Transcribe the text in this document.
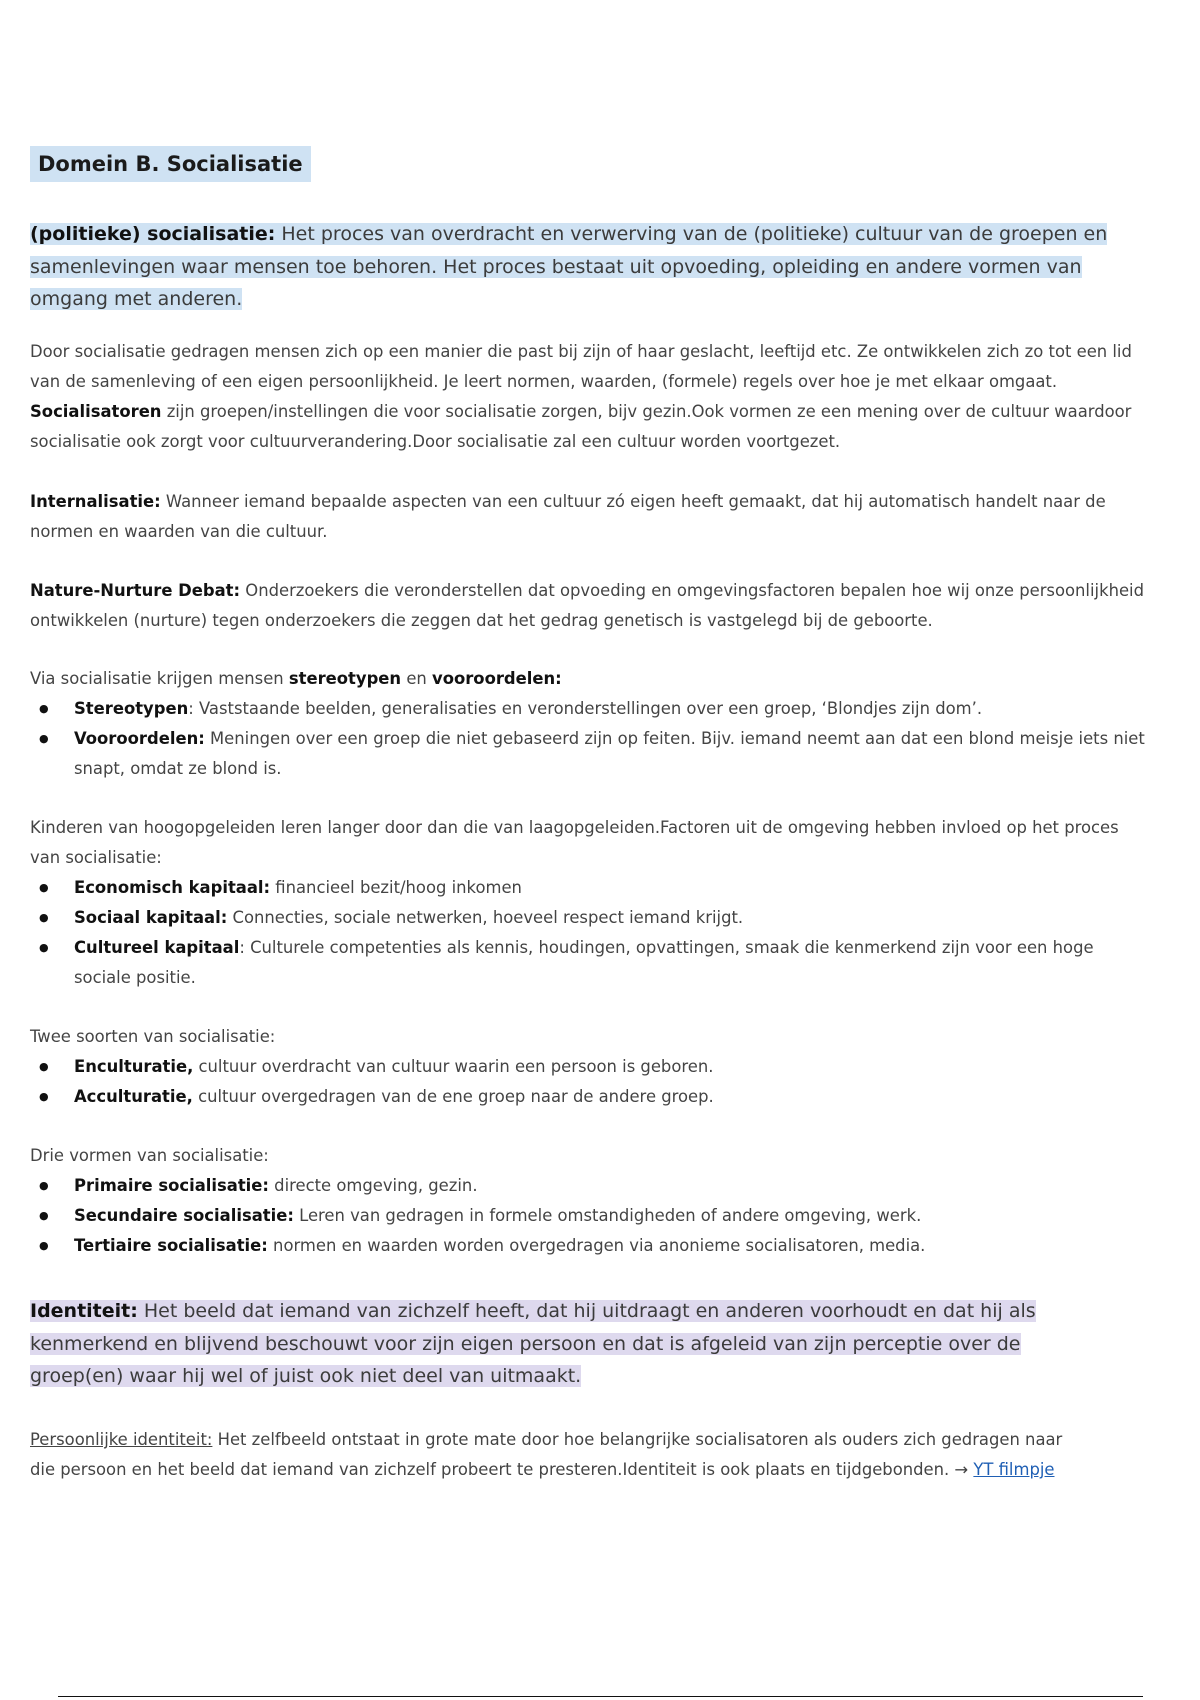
Domein B. Socialisatie
(politieke) socialisatie: Het proces van overdracht en verwerving van de (politieke) cultuur van de groepen en samenlevingen waar mensen toe behoren. Het proces bestaat uit opvoeding, opleiding en andere vormen van omgang met anderen.

Door socialisatie gedragen mensen zich op een manier die past bij zijn of haar geslacht, leeftijd etc. Ze ontwikkelen zich zo tot een lid van de samenleving of een eigen persoonlijkheid. Je leert normen, waarden, (formele) regels over hoe je met elkaar omgaat. Socialisatoren zijn groepen/instellingen die voor socialisatie zorgen, bijv gezin.Ook vormen ze een mening over de cultuur waardoor socialisatie ook zorgt voor cultuurverandering.Door socialisatie zal een cultuur worden voortgezet.

Internalisatie: Wanneer iemand bepaalde aspecten van een cultuur zó eigen heeft gemaakt, dat hij automatisch handelt naar de normen en waarden van die cultuur.

Nature-Nurture Debat: Onderzoekers die veronderstellen dat opvoeding en omgevingsfactoren bepalen hoe wij onze persoonlijkheid ontwikkelen (nurture) tegen onderzoekers die zeggen dat het gedrag genetisch is vastgelegd bij de geboorte.

Via socialisatie krijgen mensen stereotypen en vooroordelen:

● Stereotypen: Vaststaande beelden, generalisaties en veronderstellingen over een groep, ‘Blondjes zijn dom’.
● Vooroordelen: Meningen over een groep die niet gebaseerd zijn op feiten. Bijv. iemand neemt aan dat een blond meisje iets niet snapt, omdat ze blond is.

Kinderen van hoogopgeleiden leren langer door dan die van laagopgeleiden.Factoren uit de omgeving hebben invloed op het proces van socialisatie:

● Economisch kapitaal: financieel bezit/hoog inkomen
● Sociaal kapitaal: Connecties, sociale netwerken, hoeveel respect iemand krijgt.
● Cultureel kapitaal: Culturele competenties als kennis, houdingen, opvattingen, smaak die kenmerkend zijn voor een hoge sociale positie.

Twee soorten van socialisatie:

● Enculturatie, cultuur overdracht van cultuur waarin een persoon is geboren.
● Acculturatie, cultuur overgedragen van de ene groep naar de andere groep.

Drie vormen van socialisatie:

● Primaire socialisatie: directe omgeving, gezin.
● Secundaire socialisatie: Leren van gedragen in formele omstandigheden of andere omgeving, werk.
● Tertiaire socialisatie: normen en waarden worden overgedragen via anonieme socialisatoren, media.
Identiteit: Het beeld dat iemand van zichzelf heeft, dat hij uitdraagt en anderen voorhoudt en dat hij als kenmerkend en blijvend beschouwt voor zijn eigen persoon en dat is afgeleid van zijn perceptie over de groep(en) waar hij wel of juist ook niet deel van uitmaakt.

Persoonlijke identiteit: Het zelfbeeld ontstaat in grote mate door hoe belangrijke socialisatoren als ouders zich gedragen naar die persoon en het beeld dat iemand van zichzelf probeert te presteren.Identiteit is ook plaats en tijdgebonden. → YT filmpje
